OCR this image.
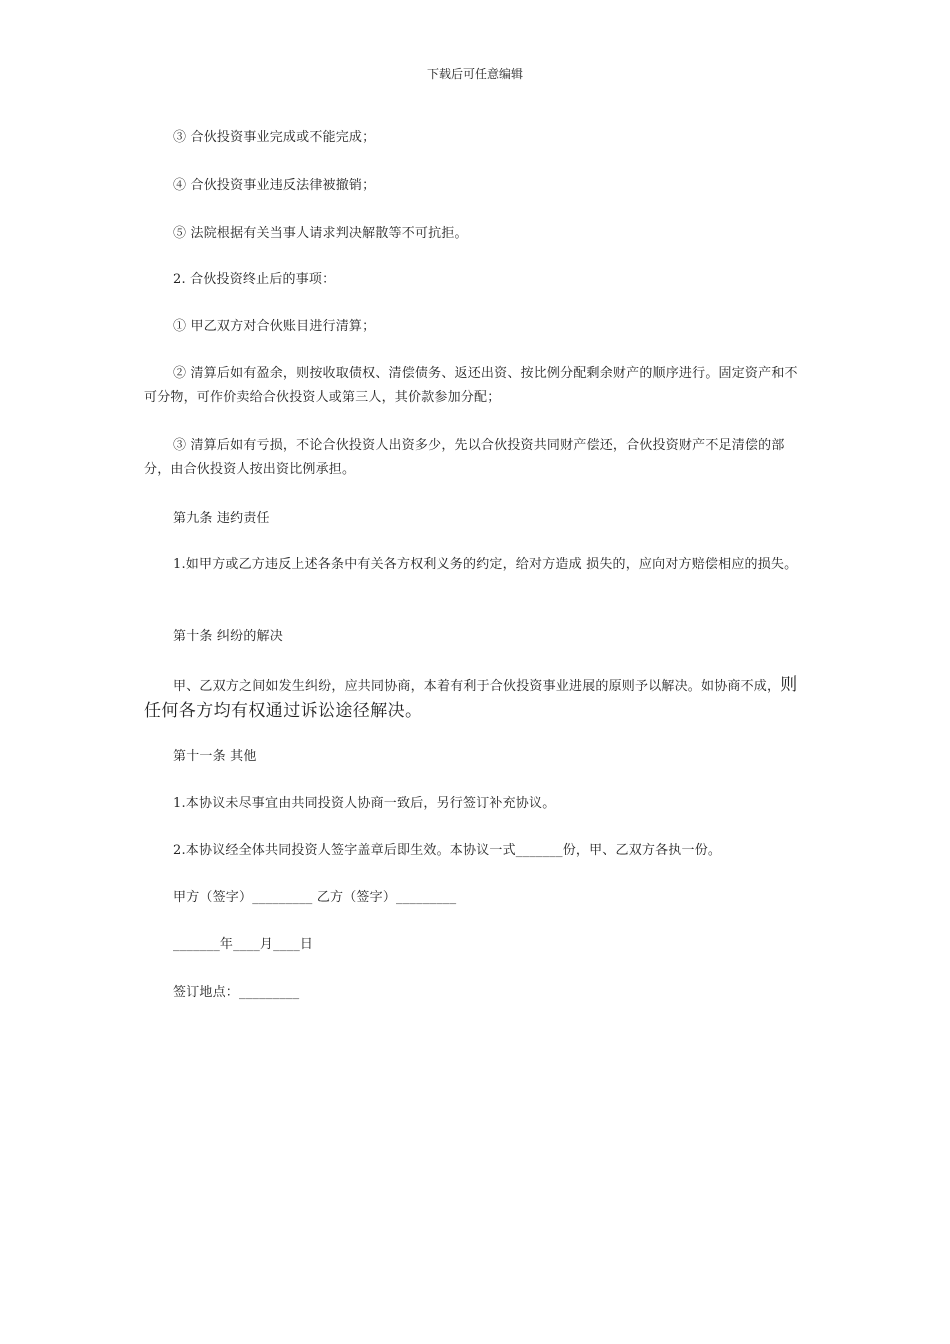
下载后可任意编辑

③ 合伙投资事业完成或不能完成；

④ 合伙投资事业违反法律被撤销；

⑤ 法院根据有关当事人请求判决解散等不可抗拒。

2. 合伙投资终止后的事项：

① 甲乙双方对合伙账目进行清算；

② 清算后如有盈余，则按收取债权、清偿债务、返还出资、按比例分配剩余财产的顺序进行。固定资产和不可分物，可作价卖给合伙投资人或第三人，其价款参加分配；

③ 清算后如有亏损，不论合伙投资人出资多少，先以合伙投资共同财产偿还，合伙投资财产不足清偿的部分，由合伙投资人按出资比例承担。

第九条 违约责任

1.如甲方或乙方违反上述各条中有关各方权利义务的约定，给对方造成 损失的，应向对方赔偿相应的损失。

第十条 纠纷的解决

甲、乙双方之间如发生纠纷，应共同协商，本着有利于合伙投资事业进展的原则予以解决。如协商不成，则任何各方均有权通过诉讼途径解决。

第十一条 其他

1.本协议未尽事宜由共同投资人协商一致后，另行签订补充协议。

2.本协议经全体共同投资人签字盖章后即生效。本协议一式_______份，甲、乙双方各执一份。

甲方（签字）_________ 乙方（签字）_________

_______年____月____日

签订地点：_________
